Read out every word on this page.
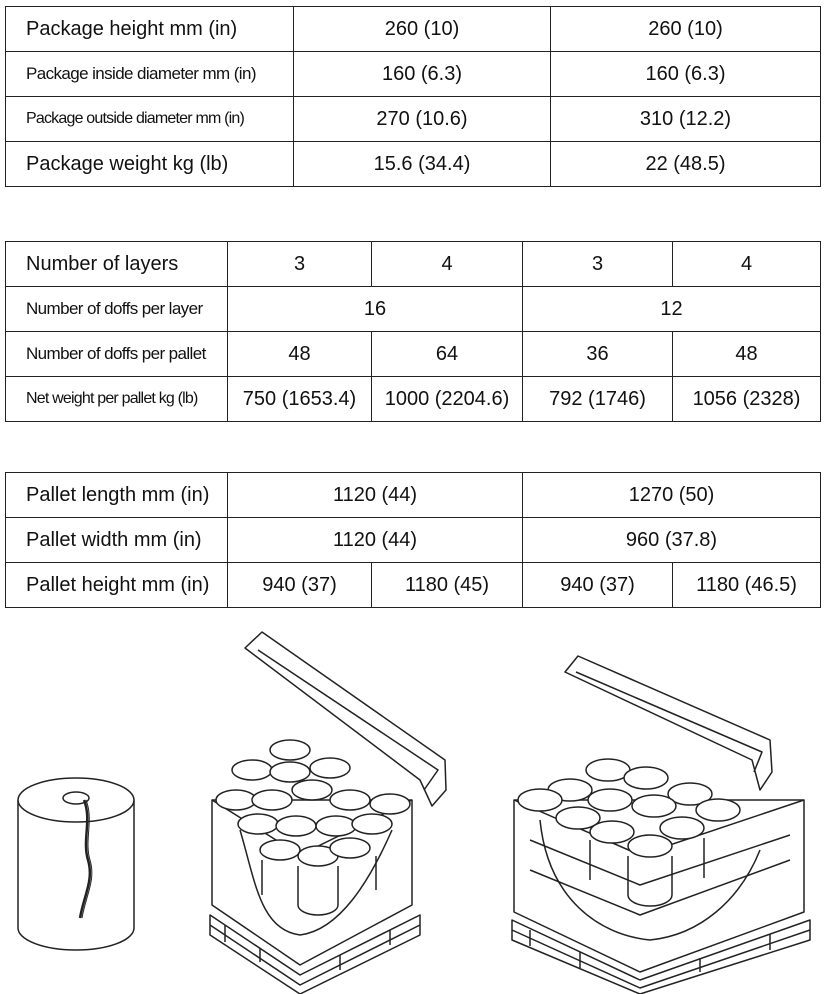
Package height mm (in)	260 (10)	260 (10)
Package inside diameter mm (in)	160 (6.3)	160 (6.3)
Package outside diameter mm (in)	270 (10.6)	310 (12.2)
Package weight kg (lb)	15.6 (34.4)	22 (48.5)
Number of layers	3	4	3	4
Number of doffs per layer	16		12	
Number of doffs per pallet	48	64	36	48
Net weight per pallet kg (lb)	750 (1653.4)	1000 (2204.6)	792 (1746)	1056 (2328)
Pallet length mm (in)	1120 (44)		1270 (50)	
Pallet width mm (in)	1120 (44)		960 (37.8)	
Pallet height mm (in)	940 (37)	1180 (45)	940 (37)	1180 (46.5)
